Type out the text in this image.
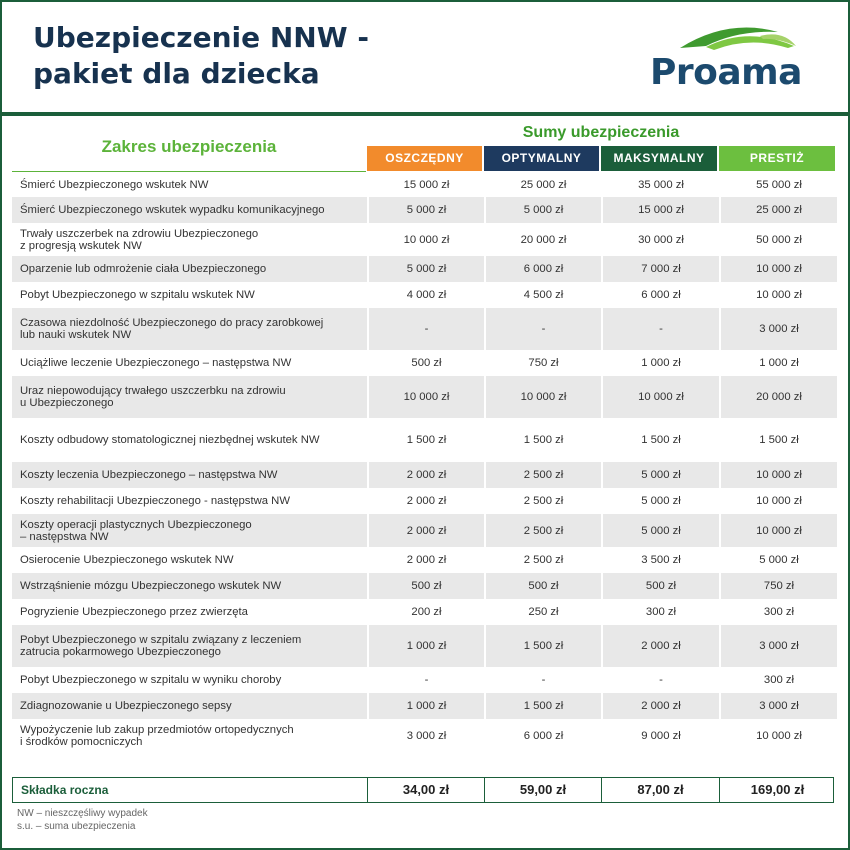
Ubezpieczenie NNW -
pakiet dla dziecka	Proama
Sumy ubezpieczenia
Zakres ubezpieczenia
OSZCZĘDNY	OPTYMALNY	MAKSYMALNY	PRESTIŻ
Śmierć Ubezpieczonego wskutek NW	15 000 zł	25 000 zł	35 000 zł	55 000 zł

Śmierć Ubezpieczonego wskutek wypadku komunikacyjnego	5 000 zł	5 000 zł	15 000 zł	25 000 zł

Trwały uszczerbek na zdrowiu Ubezpieczonego
z progresją wskutek NW	10 000 zł	20 000 zł	30 000 zł	50 000 zł

Oparzenie lub odmrożenie ciała Ubezpieczonego	5 000 zł	6 000 zł	7 000 zł	10 000 zł

Pobyt Ubezpieczonego w szpitalu wskutek NW	4 000 zł	4 500 zł	6 000 zł	10 000 zł

Czasowa niezdolność Ubezpieczonego do pracy zarobkowej
lub nauki wskutek NW	-	-	-	3 000 zł

Uciążliwe leczenie Ubezpieczonego – następstwa NW	500 zł	750 zł	1 000 zł	1 000 zł

Uraz niepowodujący trwałego uszczerbku na zdrowiu
u Ubezpieczonego	10 000 zł	10 000 zł	10 000 zł	20 000 zł

Koszty odbudowy stomatologicznej niezbędnej wskutek NW	1 500 zł	1 500 zł	1 500 zł	1 500 zł

Koszty leczenia Ubezpieczonego – następstwa NW	2 000 zł	2 500 zł	5 000 zł	10 000 zł

Koszty rehabilitacji Ubezpieczonego - następstwa NW	2 000 zł	2 500 zł	5 000 zł	10 000 zł

Koszty operacji plastycznych Ubezpieczonego
– następstwa NW	2 000 zł	2 500 zł	5 000 zł	10 000 zł

Osierocenie Ubezpieczonego wskutek NW	2 000 zł	2 500 zł	3 500 zł	5 000 zł

Wstrząśnienie mózgu Ubezpieczonego wskutek NW	500 zł	500 zł	500 zł	750 zł

Pogryzienie Ubezpieczonego przez zwierzęta	200 zł	250 zł	300 zł	300 zł

Pobyt Ubezpieczonego w szpitalu związany z leczeniem
zatrucia pokarmowego Ubezpieczonego	1 000 zł	1 500 zł	2 000 zł	3 000 zł

Pobyt Ubezpieczonego w szpitalu w wyniku choroby	-	-	-	300 zł

Zdiagnozowanie u Ubezpieczonego sepsy	1 000 zł	1 500 zł	2 000 zł	3 000 zł

Wypożyczenie lub zakup przedmiotów ortopedycznych
i środków pomocniczych	3 000 zł	6 000 zł	9 000 zł	10 000 zł
Składka roczna	34,00 zł	59,00 zł	87,00 zł	169,00 zł
NW – nieszczęśliwy wypadek
s.u. – suma ubezpieczenia
